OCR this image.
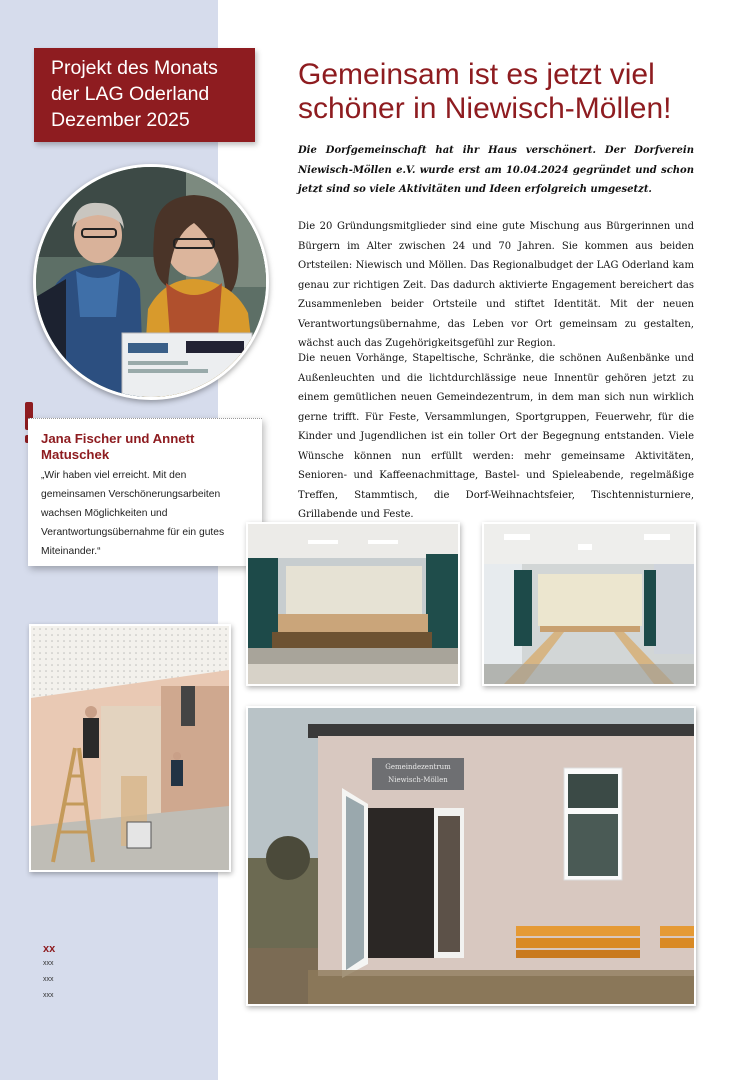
Projekt des Monats
der LAG Oderland
Dezember 2025
Jana Fischer und Annett Matuschek
„Wir haben viel erreicht. Mit den gemeinsamen Verschönerungsarbeiten wachsen Möglichkeiten und Verantwortungsübernahme für ein gutes Miteinander.“
Gemeindezentrum
Niewisch-Möllen
Gemeinsam ist es jetzt viel
schöner in Niewisch-Möllen!

Die Dorfgemeinschaft hat ihr Haus verschönert. Der Dorfverein Niewisch-Möllen e.V. wurde erst am 10.04.2024 gegründet und schon jetzt sind so viele Aktivitäten und Ideen erfolgreich umgesetzt.

Die 20 Gründungsmitglieder sind eine gute Mischung aus Bürgerinnen und Bürgern im Alter zwischen 24 und 70 Jahren. Sie kommen aus beiden Ortsteilen: Niewisch und Möllen. Das Regionalbudget der LAG Oderland kam genau zur richtigen Zeit. Das dadurch aktivierte Engagement bereichert das Zusammenleben beider Ortsteile und stiftet Identität. Mit der neuen Verantwortungsübernahme, das Leben vor Ort gemeinsam zu gestalten, wächst auch das Zugehörigkeitsgefühl zur Region.

Die neuen Vorhänge, Stapeltische, Schränke, die schönen Außenbänke und Außenleuchten und die lichtdurchlässige neue Innentür gehören jetzt zu einem gemütlichen neuen Gemeindezentrum, in dem man sich nun wirklich gerne trifft. Für Feste, Versammlungen, Sportgruppen, Feuerwehr, für die Kinder und Jugendlichen ist ein toller Ort der Begegnung entstanden. Viele Wünsche können nun erfüllt werden: mehr gemeinsame Aktivitäten, Senioren- und Kaffeenachmittage, Bastel- und Spieleabende, regelmäßige Treffen, Stammtisch, die Dorf-Weihnachtsfeier, Tischtennisturniere, Grillabende und Feste.

xx
xxx
xxx
xxx
